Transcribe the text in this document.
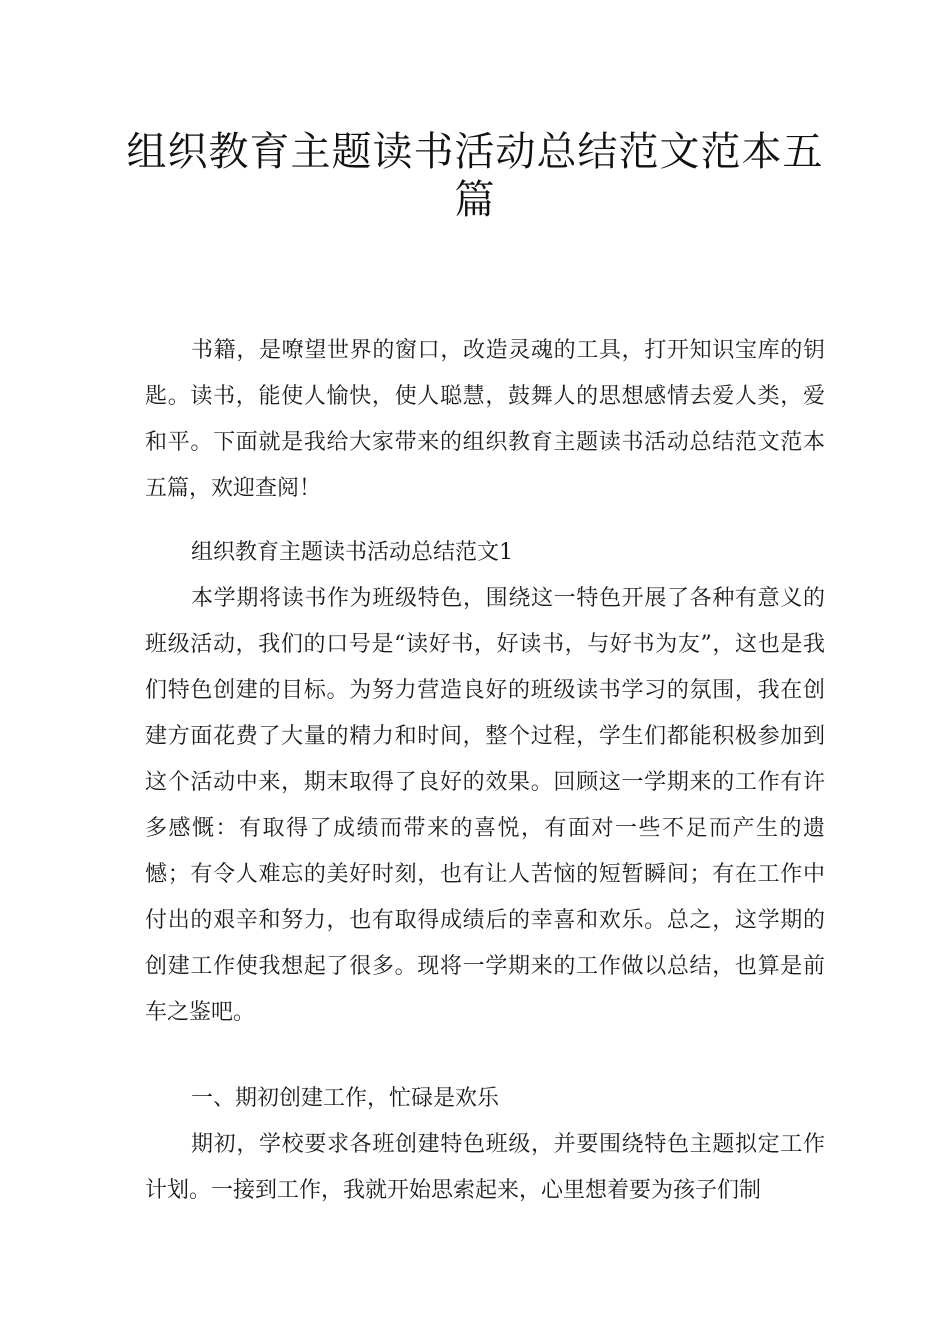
组织教育主题读书活动总结范文范本五篇

书籍，是嘹望世界的窗口，改造灵魂的工具，打开知识宝库的钥匙。读书，能使人愉快，使人聪慧，鼓舞人的思想感情去爱人类，爱和平。下面就是我给大家带来的组织教育主题读书活动总结范文范本五篇，欢迎查阅！

组织教育主题读书活动总结范文1

本学期将读书作为班级特色，围绕这一特色开展了各种有意义的班级活动，我们的口号是“读好书，好读书，与好书为友”，这也是我们特色创建的目标。为努力营造良好的班级读书学习的氛围，我在创建方面花费了大量的精力和时间，整个过程，学生们都能积极参加到这个活动中来，期末取得了良好的效果。回顾这一学期来的工作有许多感慨：有取得了成绩而带来的喜悦，有面对一些不足而产生的遗憾；有令人难忘的美好时刻，也有让人苦恼的短暂瞬间；有在工作中付出的艰辛和努力，也有取得成绩后的幸喜和欢乐。总之，这学期的创建工作使我想起了很多。现将一学期来的工作做以总结，也算是前车之鉴吧。

一、期初创建工作，忙碌是欢乐

期初，学校要求各班创建特色班级，并要围绕特色主题拟定工作计划。一接到工作，我就开始思索起来，心里想着要为孩子们制
